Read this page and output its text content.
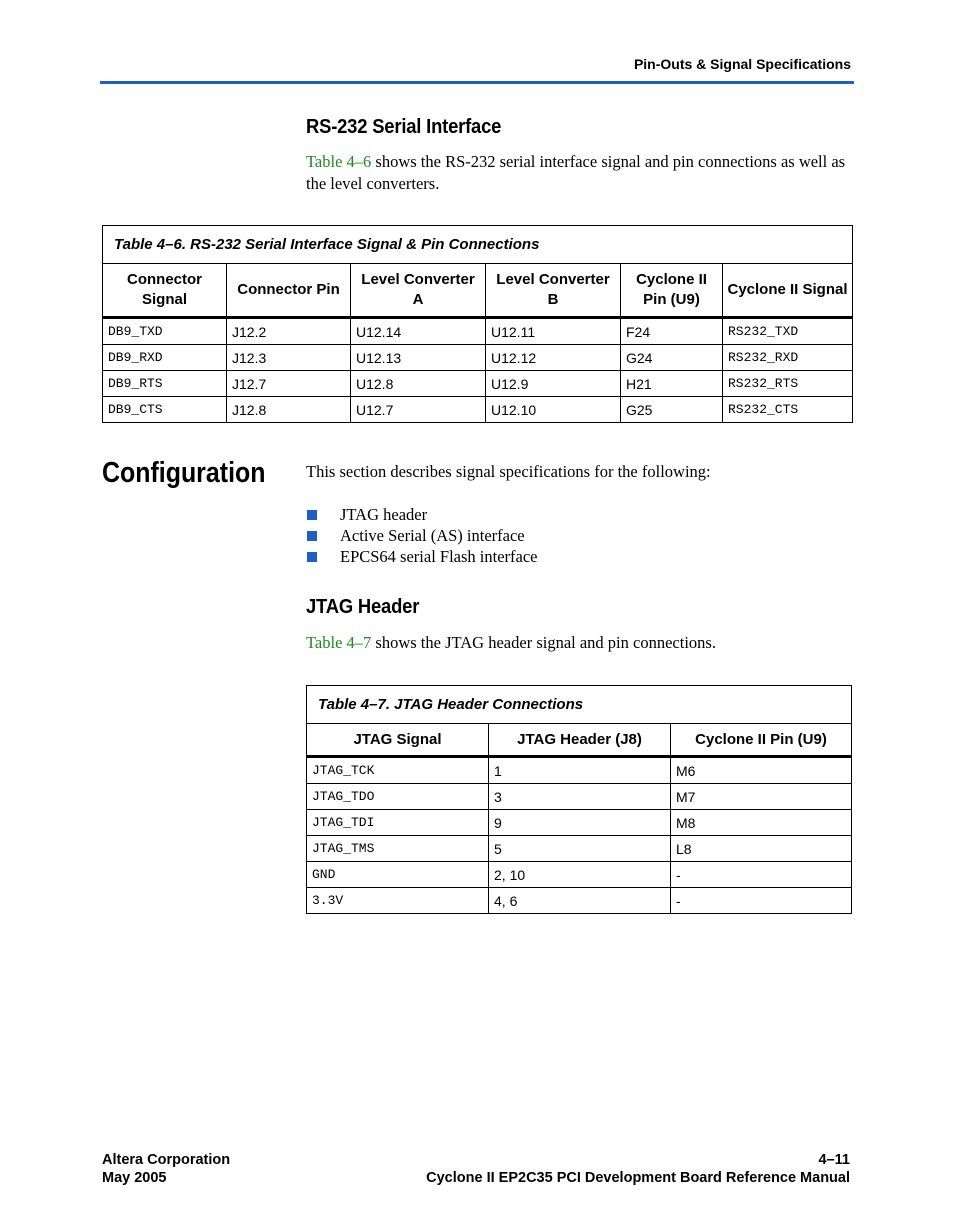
Pin-Outs & Signal Specifications
RS-232 Serial Interface
Table 4–6 shows the RS-232 serial interface signal and pin connections as well as the level converters.
Table 4–6. RS-232 Serial Interface Signal & Pin Connections					
Connector Signal	Connector Pin	Level Converter A	Level Converter B	Cyclone II Pin (U9)	Cyclone II Signal
DB9_TXD	J12.2	U12.14	U12.11	F24	RS232_TXD
DB9_RXD	J12.3	U12.13	U12.12	G24	RS232_RXD
DB9_RTS	J12.7	U12.8	U12.9	H21	RS232_RTS
DB9_CTS	J12.8	U12.7	U12.10	G25	RS232_CTS
Configuration This section describes signal specifications for the following:
JTAG header
Active Serial (AS) interface
EPCS64 serial Flash interface
JTAG Header
Table 4–7 shows the JTAG header signal and pin connections.
Table 4–7. JTAG Header Connections		
JTAG Signal	JTAG Header (J8)	Cyclone II Pin (U9)
JTAG_TCK	1	M6
JTAG_TDO	3	M7
JTAG_TDI	9	M8
JTAG_TMS	5	L8
GND	2, 10	-
3.3V	4, 6	-
Altera Corporation
May 2005
4–11
Cyclone II EP2C35 PCI Development Board Reference Manual
